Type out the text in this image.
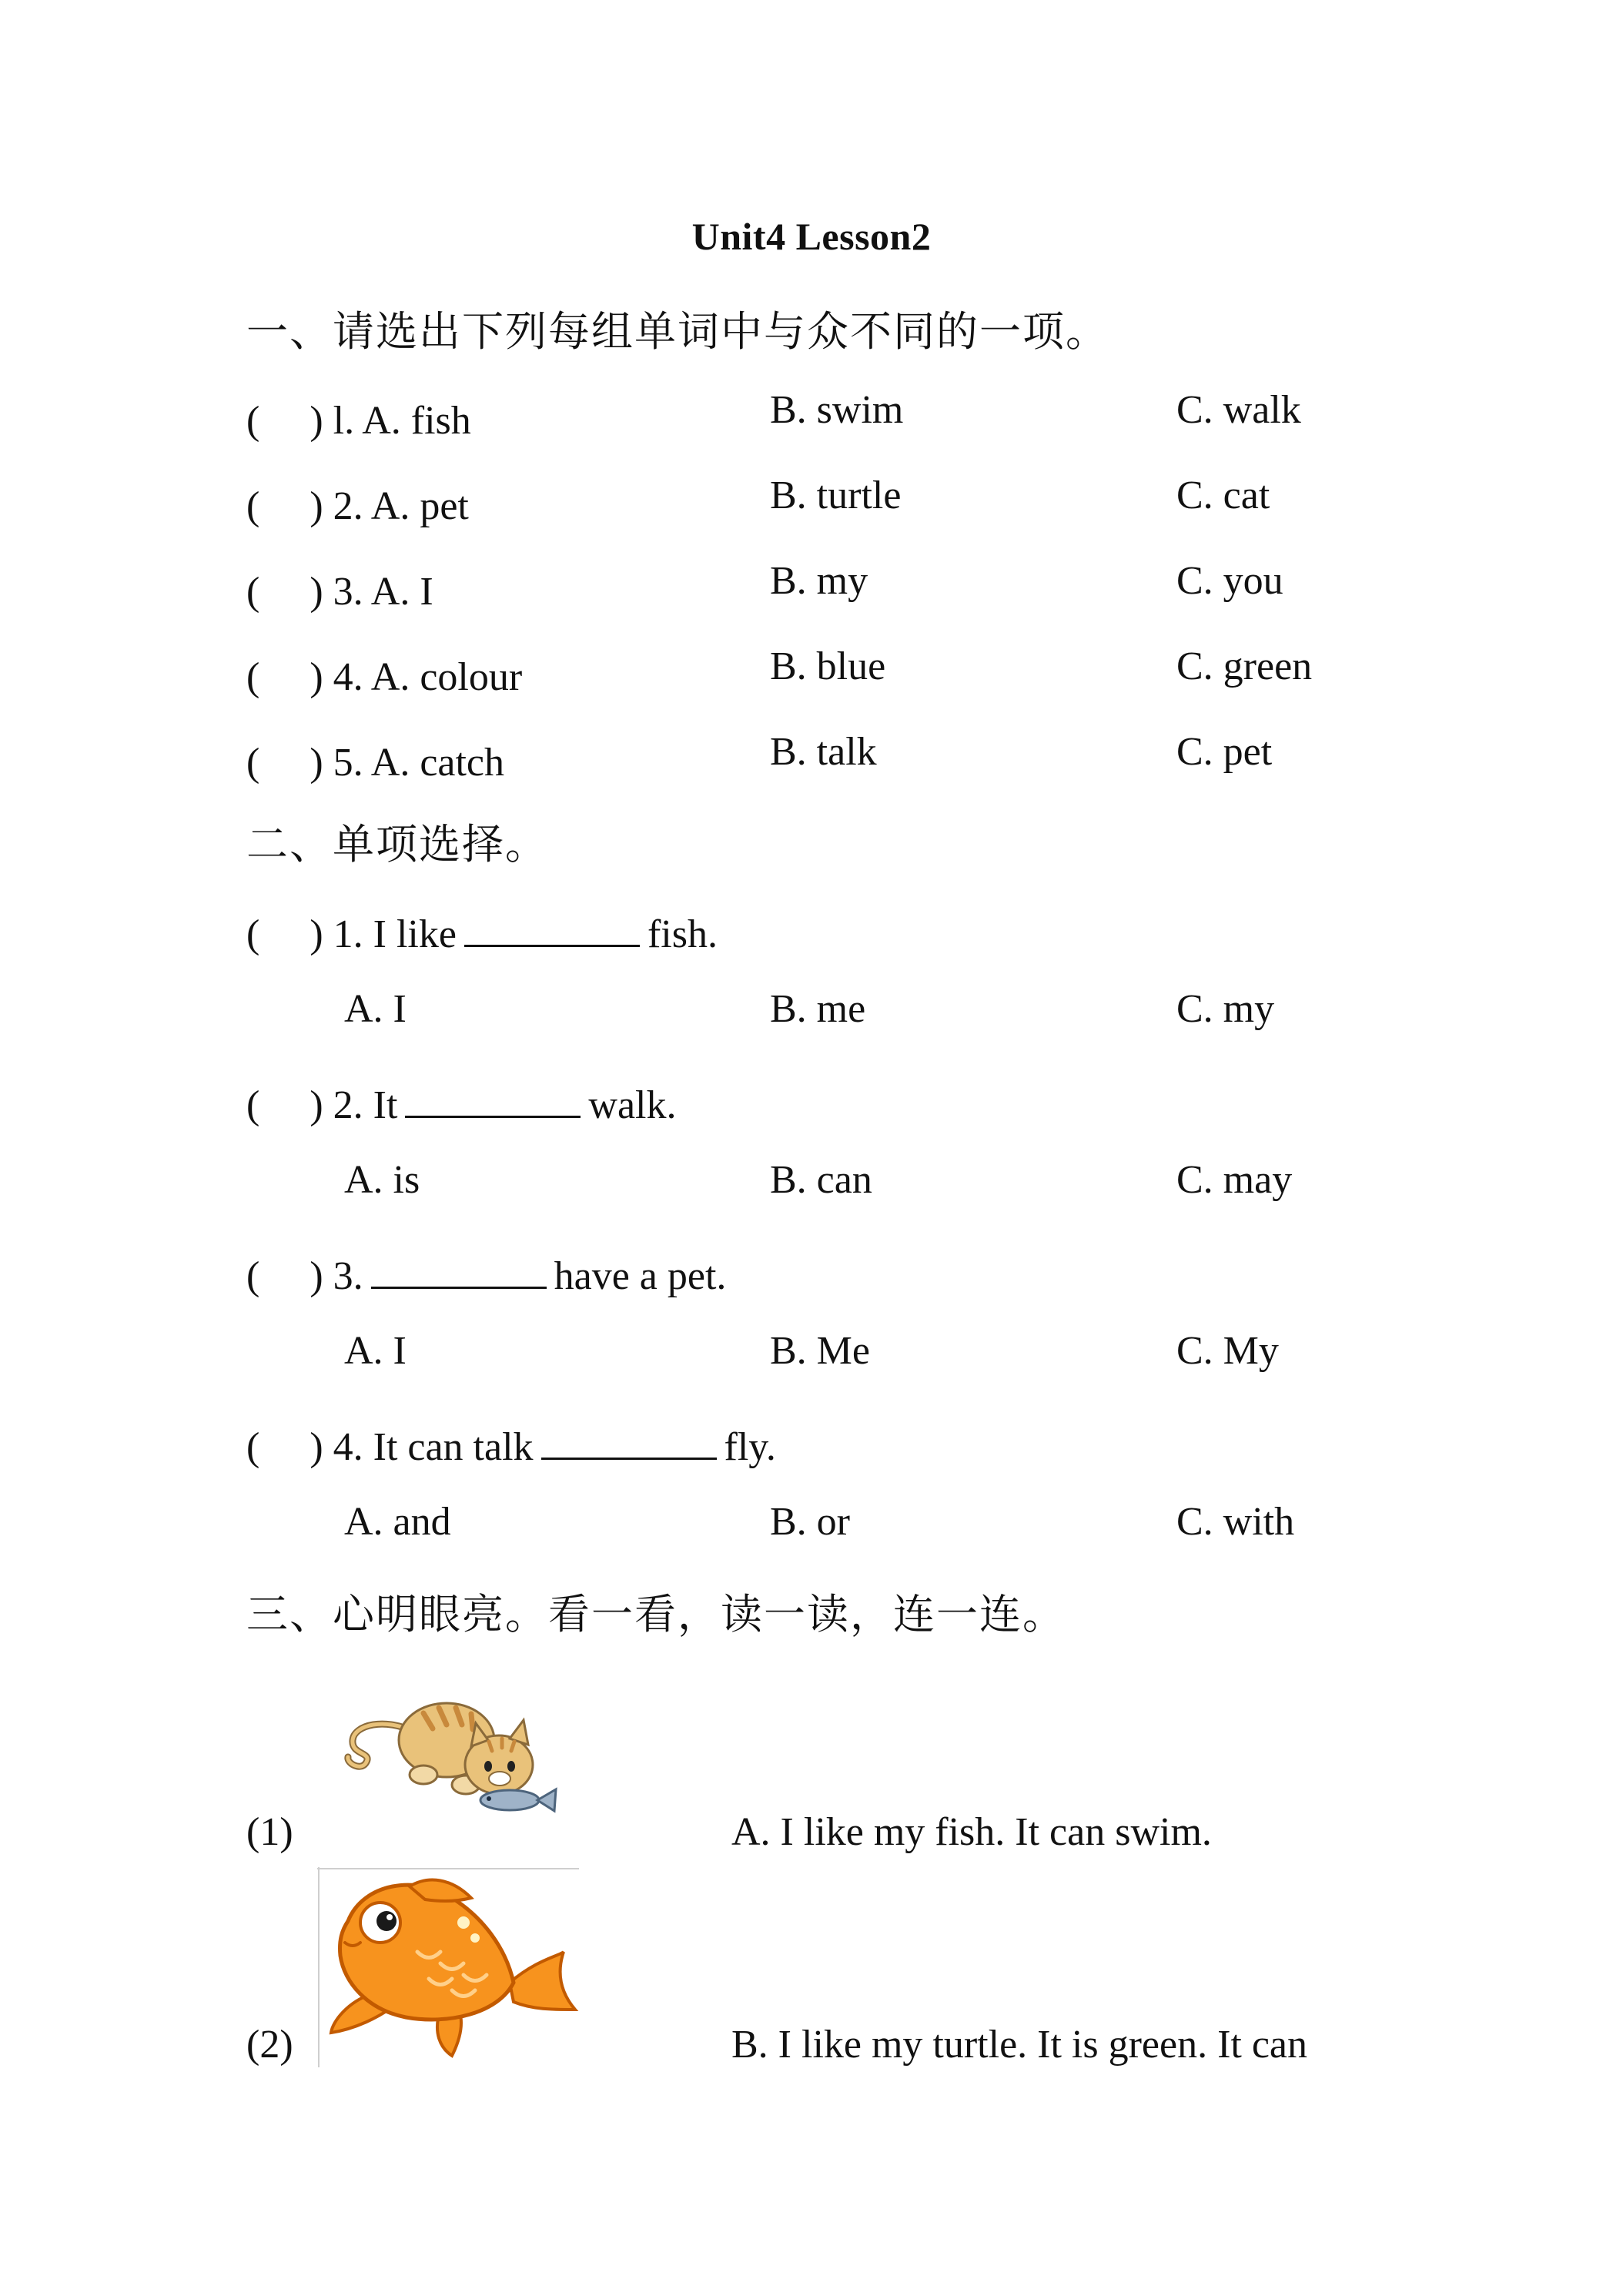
Unit4 Lesson2
一、请选出下列每组单词中与众不同的一项。
(　 ) l. A. fish	B. swim	C. walk
(　 ) 2. A. pet	B. turtle	C. cat
(　 ) 3. A. I	B. my	C. you
(　 ) 4. A. colour	B. blue	C. green
(　 ) 5. A. catch	B. talk	C. pet
二、单项选择。
(　 ) 1. I like	fish.
A. I	B. me	C. my
(　 ) 2. It	walk.
A. is	B. can	C. may
(　 ) 3.	have a pet.
A. I	B. Me	C. My
(　 ) 4. It can talk	fly.
A. and	B. or	C. with
三、心明眼亮。看一看，读一读，连一连。
(1)	A. I like my fish. It can swim.
(2)	B. I like my turtle. It is green. It can
